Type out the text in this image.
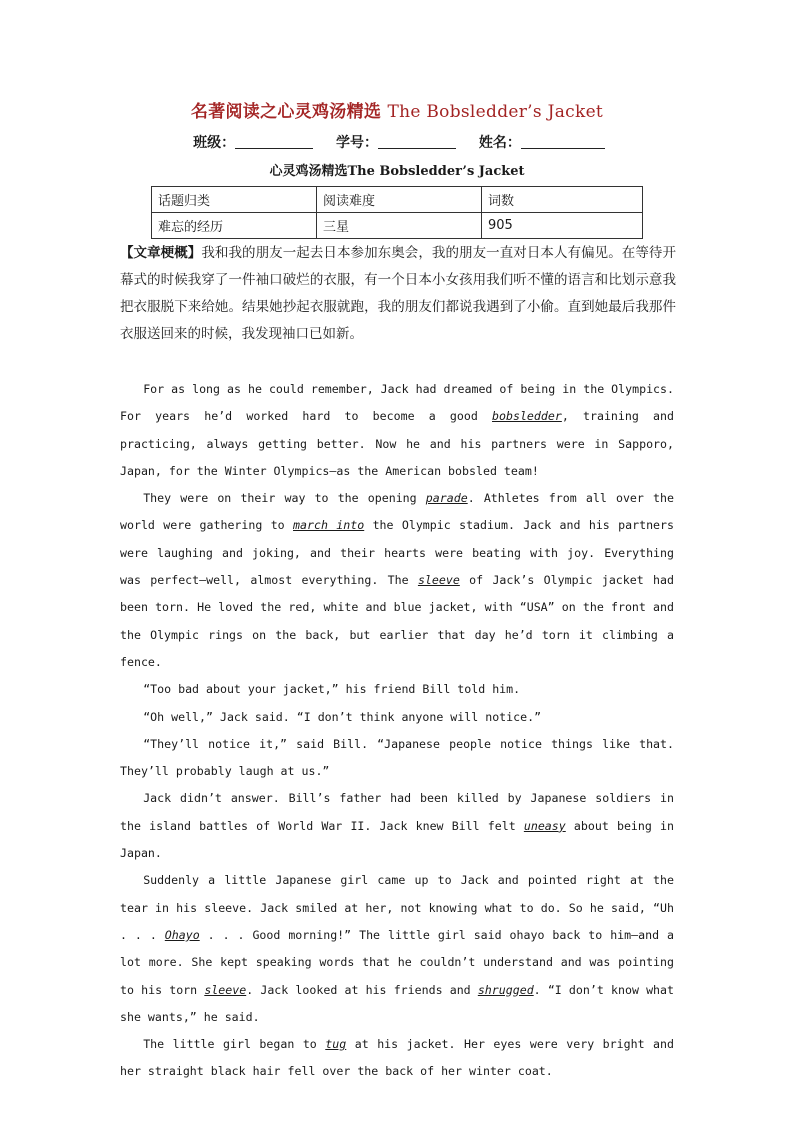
名著阅读之心灵鸡汤精选 The Bobsledder’s Jacket
班级：	学号：	姓名：
心灵鸡汤精选The Bobsledder’s Jacket
话题归类	阅读难度	词数
难忘的经历	三星	905
【文章梗概】我和我的朋友一起去日本参加东奥会，我的朋友一直对日本人有偏见。在等待开幕式的时候我穿了一件袖口破烂的衣服，有一个日本小女孩用我们听不懂的语言和比划示意我把衣服脱下来给她。结果她抄起衣服就跑，我的朋友们都说我遇到了小偷。直到她最后我那件衣服送回来的时候，我发现袖口已如新。

For as long as he could remember, Jack had dreamed of being in the Olympics. For years he’d worked hard to become a good bobsledder, training and practicing, always getting better. Now he and his partners were in Sapporo, Japan, for the Winter Olympics—as the American bobsled team!

They were on their way to the opening parade. Athletes from all over the world were gathering to march into the Olympic stadium. Jack and his partners were laughing and joking, and their hearts were beating with joy. Everything was perfect—well, almost everything. The sleeve of Jack’s Olympic jacket had been torn. He loved the red, white and blue jacket, with “USA” on the front and the Olympic rings on the back, but earlier that day he’d torn it climbing a fence.

“Too bad about your jacket,” his friend Bill told him.

“Oh well,” Jack said. “I don’t think anyone will notice.”

“They’ll notice it,” said Bill. “Japanese people notice things like that. They’ll probably laugh at us.”

Jack didn’t answer. Bill’s father had been killed by Japanese soldiers in the island battles of World War II. Jack knew Bill felt uneasy about being in Japan.

Suddenly a little Japanese girl came up to Jack and pointed right at the tear in his sleeve. Jack smiled at her, not knowing what to do. So he said, “Uh . . . Ohayo . . . Good morning!” The little girl said ohayo back to him—and a lot more. She kept speaking words that he couldn’t understand and was pointing to his torn sleeve. Jack looked at his friends and shrugged. “I don’t know what she wants,” he said.

The little girl began to tug at his jacket. Her eyes were very bright and her straight black hair fell over the back of her winter coat.
